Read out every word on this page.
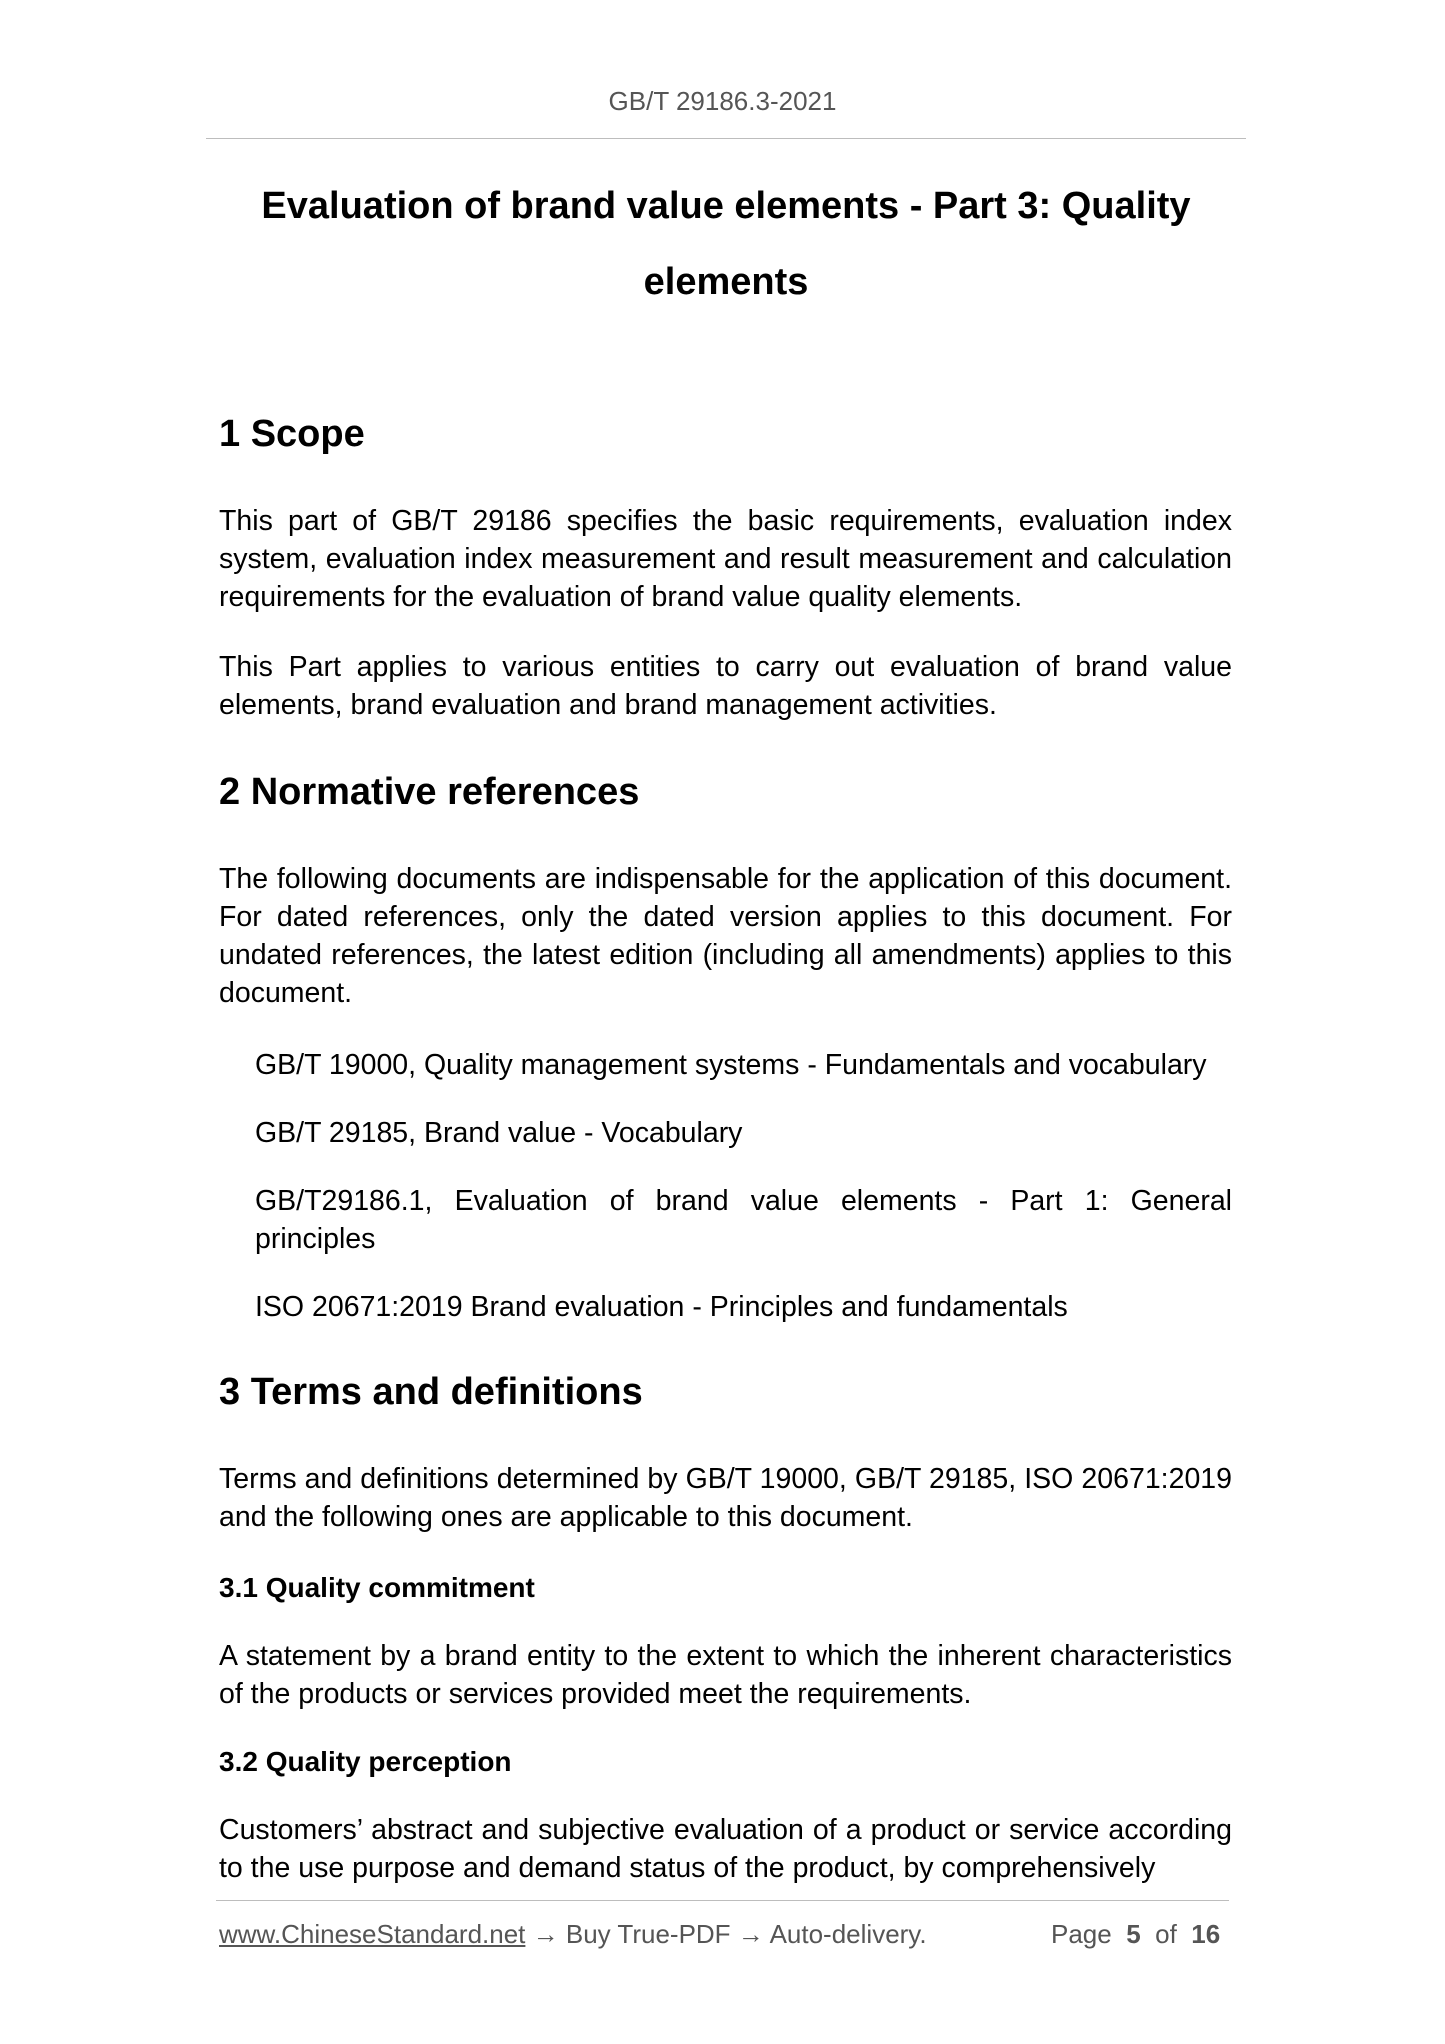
GB/T 29186.3-2021
Evaluation of brand value elements - Part 3: Quality
elements
1 Scope
This part of GB/T 29186 specifies the basic requirements, evaluation index system, evaluation index measurement and result measurement and calculation requirements for the evaluation of brand value quality elements.
This Part applies to various entities to carry out evaluation of brand value elements, brand evaluation and brand management activities.
2 Normative references
The following documents are indispensable for the application of this document. For dated references, only the dated version applies to this document. For undated references, the latest edition (including all amendments) applies to this document.
GB/T 19000, Quality management systems - Fundamentals and vocabulary
GB/T 29185, Brand value - Vocabulary
GB/T29186.1, Evaluation of brand value elements - Part 1: General principles
ISO 20671:2019 Brand evaluation - Principles and fundamentals
3 Terms and definitions
Terms and definitions determined by GB/T 19000, GB/T 29185, ISO 20671:2019 and the following ones are applicable to this document.
3.1 Quality commitment
A statement by a brand entity to the extent to which the inherent characteristics of the products or services provided meet the requirements.
3.2 Quality perception
Customers’ abstract and subjective evaluation of a product or service according to the use purpose and demand status of the product, by comprehensively
www.ChineseStandard.net → Buy True-PDF → Auto-delivery.	Page 5 of 16
